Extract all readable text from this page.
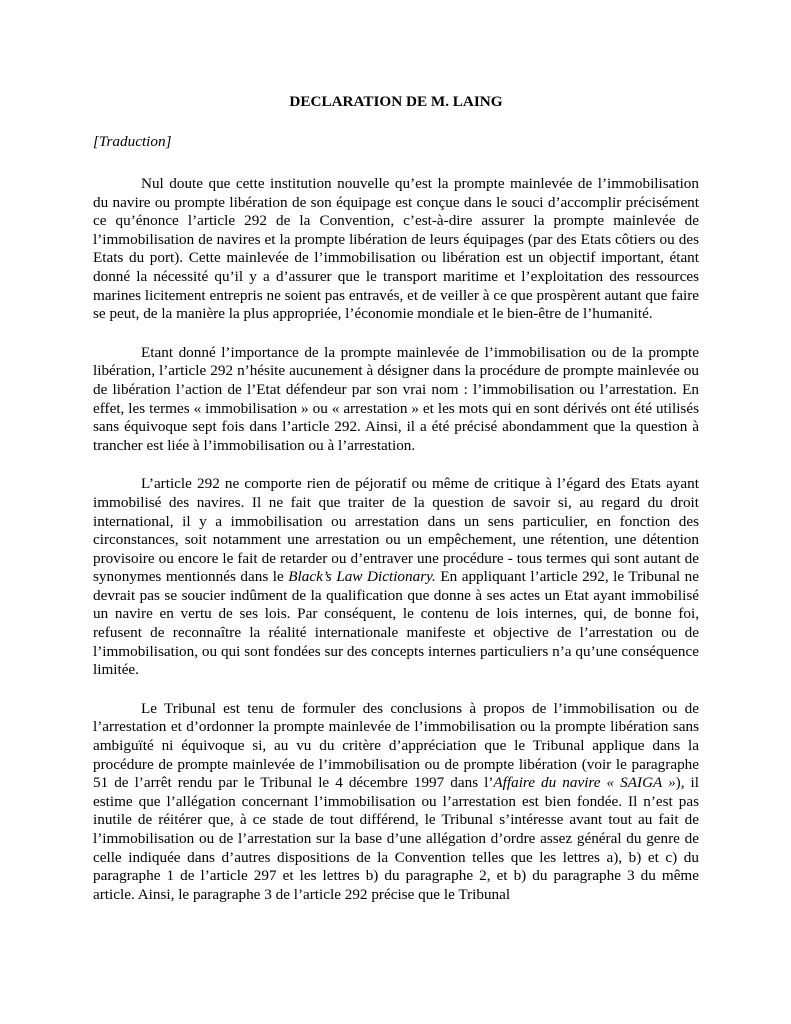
DECLARATION DE M. LAING
[Traduction]

Nul doute que cette institution nouvelle qu’est la prompte mainlevée de l’immobilisation du navire ou prompte libération de son équipage est conçue dans le souci d’accomplir précisément ce qu’énonce l’article 292 de la Convention, c’est-à-dire assurer la prompte mainlevée de l’immobilisation de navires et la prompte libération de leurs équipages (par des Etats côtiers ou des Etats du port). Cette mainlevée de l’immobilisation ou libération est un objectif important, étant donné la nécessité qu’il y a d’assurer que le transport maritime et l’exploitation des ressources marines licitement entrepris ne soient pas entravés, et de veiller à ce que prospèrent autant que faire se peut, de la manière la plus appropriée, l’économie mondiale et le bien-être de l’humanité.

Etant donné l’importance de la prompte mainlevée de l’immobilisation ou de la prompte libération, l’article 292 n’hésite aucunement à désigner dans la procédure de prompte mainlevée ou de libération l’action de l’Etat défendeur par son vrai nom : l’immobilisation ou l’arrestation. En effet, les termes « immobilisation » ou « arrestation » et les mots qui en sont dérivés ont été utilisés sans équivoque sept fois dans l’article 292. Ainsi, il a été précisé abondamment que la question à trancher est liée à l’immobilisation ou à l’arrestation.

L’article 292 ne comporte rien de péjoratif ou même de critique à l’égard des Etats ayant immobilisé des navires. Il ne fait que traiter de la question de savoir si, au regard du droit international, il y a immobilisation ou arrestation dans un sens particulier, en fonction des circonstances, soit notamment une arrestation ou un empêchement, une rétention, une détention provisoire ou encore le fait de retarder ou d’entraver une procédure - tous termes qui sont autant de synonymes mentionnés dans le Black’s Law Dictionary. En appliquant l’article 292, le Tribunal ne devrait pas se soucier indûment de la qualification que donne à ses actes un Etat ayant immobilisé un navire en vertu de ses lois. Par conséquent, le contenu de lois internes, qui, de bonne foi, refusent de reconnaître la réalité internationale manifeste et objective de l’arrestation ou de l’immobilisation, ou qui sont fondées sur des concepts internes particuliers n’a qu’une conséquence limitée.

Le Tribunal est tenu de formuler des conclusions à propos de l’immobilisation ou de l’arrestation et d’ordonner la prompte mainlevée de l’immobilisation ou la prompte libération sans ambiguïté ni équivoque si, au vu du critère d’appréciation que le Tribunal applique dans la procédure de prompte mainlevée de l’immobilisation ou de prompte libération (voir le paragraphe 51 de l’arrêt rendu par le Tribunal le 4 décembre 1997 dans l’Affaire du navire « SAIGA »), il estime que l’allégation concernant l’immobilisation ou l’arrestation est bien fondée. Il n’est pas inutile de réitérer que, à ce stade de tout différend, le Tribunal s’intéresse avant tout au fait de l’immobilisation ou de l’arrestation sur la base d’une allégation d’ordre assez général du genre de celle indiquée dans d’autres dispositions de la Convention telles que les lettres a), b) et c) du paragraphe 1 de l’article 297 et les lettres b) du paragraphe 2, et b) du paragraphe 3 du même article. Ainsi, le paragraphe 3 de l’article 292 précise que le Tribunal
